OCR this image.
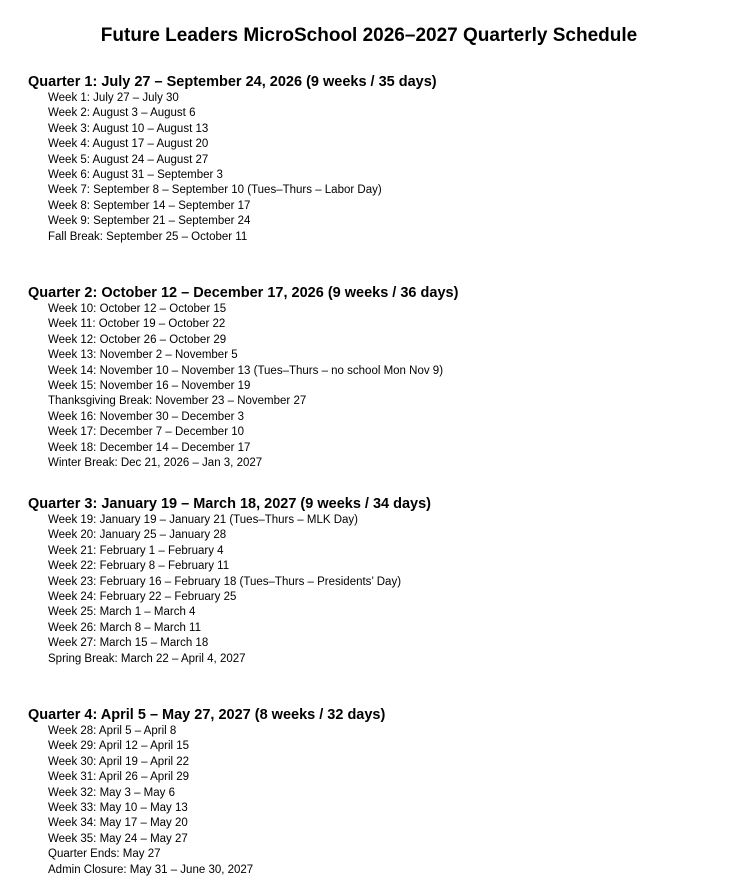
Future Leaders MicroSchool 2026–2027 Quarterly Schedule
Quarter 1: July 27 – September 24, 2026 (9 weeks / 35 days)
Week 1: July 27 – July 30
Week 2: August 3 – August 6
Week 3: August 10 – August 13
Week 4: August 17 – August 20
Week 5: August 24 – August 27
Week 6: August 31 – September 3
Week 7: September 8 – September 10 (Tues–Thurs – Labor Day)
Week 8: September 14 – September 17
Week 9: September 21 – September 24
Fall Break: September 25 – October 11
Quarter 2: October 12 – December 17, 2026 (9 weeks / 36 days)
Week 10: October 12 – October 15
Week 11: October 19 – October 22
Week 12: October 26 – October 29
Week 13: November 2 – November 5
Week 14: November 10 – November 13 (Tues–Thurs – no school Mon Nov 9)
Week 15: November 16 – November 19
Thanksgiving Break: November 23 – November 27
Week 16: November 30 – December 3
Week 17: December 7 – December 10
Week 18: December 14 – December 17
Winter Break: Dec 21, 2026 – Jan 3, 2027
Quarter 3: January 19 – March 18, 2027 (9 weeks / 34 days)
Week 19: January 19 – January 21 (Tues–Thurs – MLK Day)
Week 20: January 25 – January 28
Week 21: February 1 – February 4
Week 22: February 8 – February 11
Week 23: February 16 – February 18 (Tues–Thurs – Presidents’ Day)
Week 24: February 22 – February 25
Week 25: March 1 – March 4
Week 26: March 8 – March 11
Week 27: March 15 – March 18
Spring Break: March 22 – April 4, 2027
Quarter 4: April 5 – May 27, 2027 (8 weeks / 32 days)
Week 28: April 5 – April 8
Week 29: April 12 – April 15
Week 30: April 19 – April 22
Week 31: April 26 – April 29
Week 32: May 3 – May 6
Week 33: May 10 – May 13
Week 34: May 17 – May 20
Week 35: May 24 – May 27
Quarter Ends: May 27
Admin Closure: May 31 – June 30, 2027
